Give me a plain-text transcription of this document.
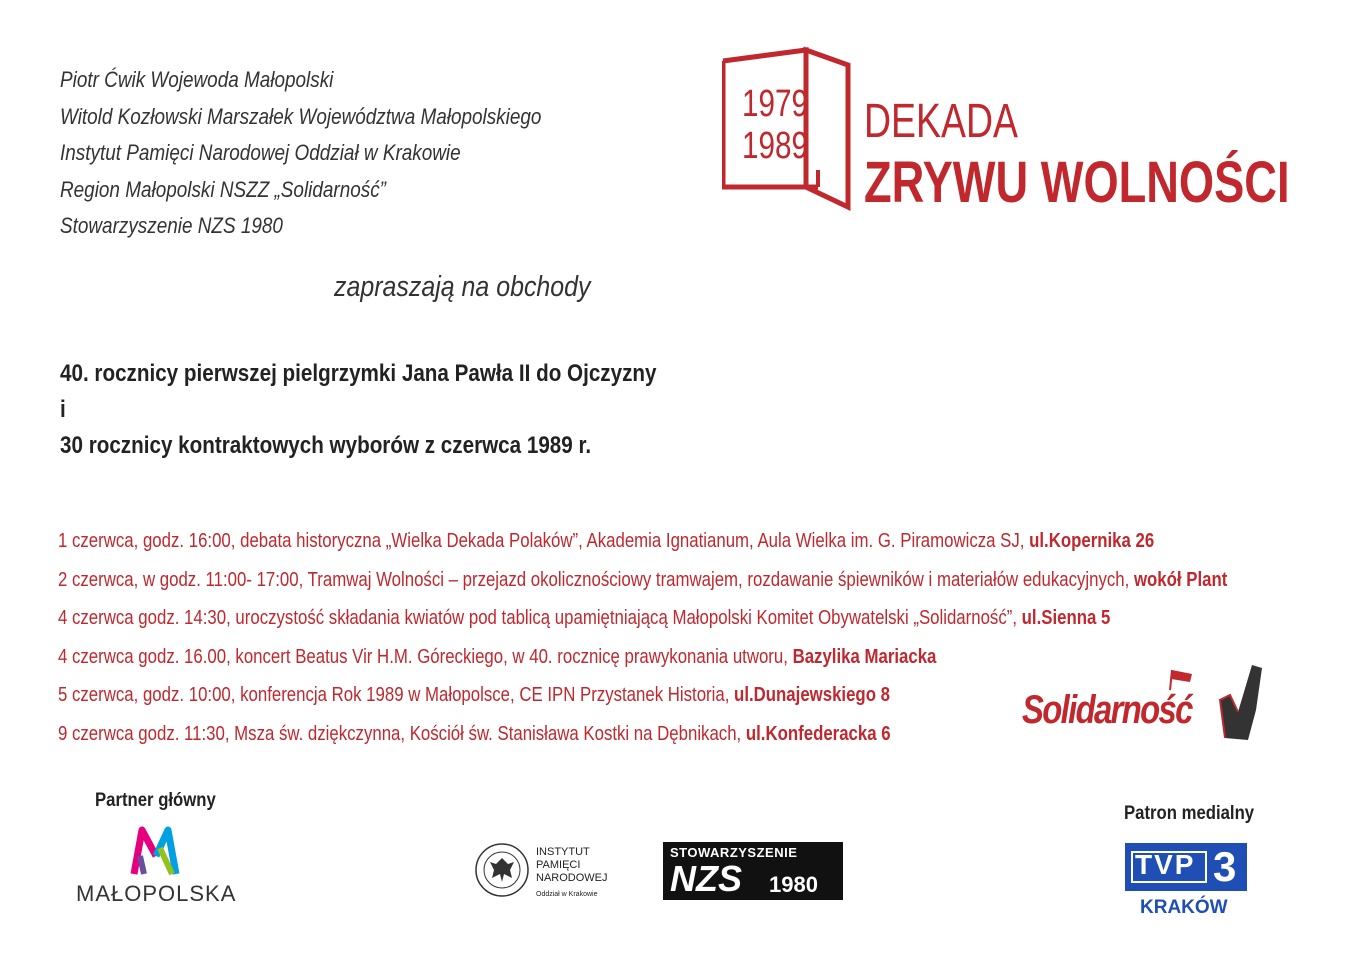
Piotr Ćwik Wojewoda Małopolski
Witold Kozłowski Marszałek Województwa Małopolskiego
Instytut Pamięci Narodowej Oddział w Krakowie
Region Małopolski NSZZ „Solidarność”
Stowarzyszenie NZS 1980
1979
1989 DEKADA
ZRYWU WOLNOŚCI
zapraszają na obchody
40. rocznicy pierwszej pielgrzymki Jana Pawła II do Ojczyzny
i
30 rocznicy kontraktowych wyborów z czerwca 1989 r.
1 czerwca, godz. 16:00, debata historyczna „Wielka Dekada Polaków”, Akademia Ignatianum, Aula Wielka im. G. Piramowicza SJ, ul.Kopernika 26
2 czerwca, w godz. 11:00- 17:00, Tramwaj Wolności – przejazd okolicznościowy tramwajem, rozdawanie śpiewników i materiałów edukacyjnych, wokół Plant
4 czerwca godz. 14:30, uroczystość składania kwiatów pod tablicą upamiętniającą Małopolski Komitet Obywatelski „Solidarność”, ul.Sienna 5
4 czerwca godz. 16.00, koncert Beatus Vir H.M. Góreckiego, w 40. rocznicę prawykonania utworu, Bazylika Mariacka
5 czerwca, godz. 10:00, konferencja Rok 1989 w Małopolsce, CE IPN Przystanek Historia, ul.Dunajewskiego 8
9 czerwca godz. 11:30, Msza św. dziękczynna, Kościół św. Stanisława Kostki na Dębnikach, ul.Konfederacka 6
Solidarność
Partner główny
MAŁOPOLSKA
INSTYTUT
PAMIĘCI
NARODOWEJ
Oddział w Krakowie
STOWARZYSZENIE
NZS 1980
Patron medialny
TVP 3
KRAKÓW
